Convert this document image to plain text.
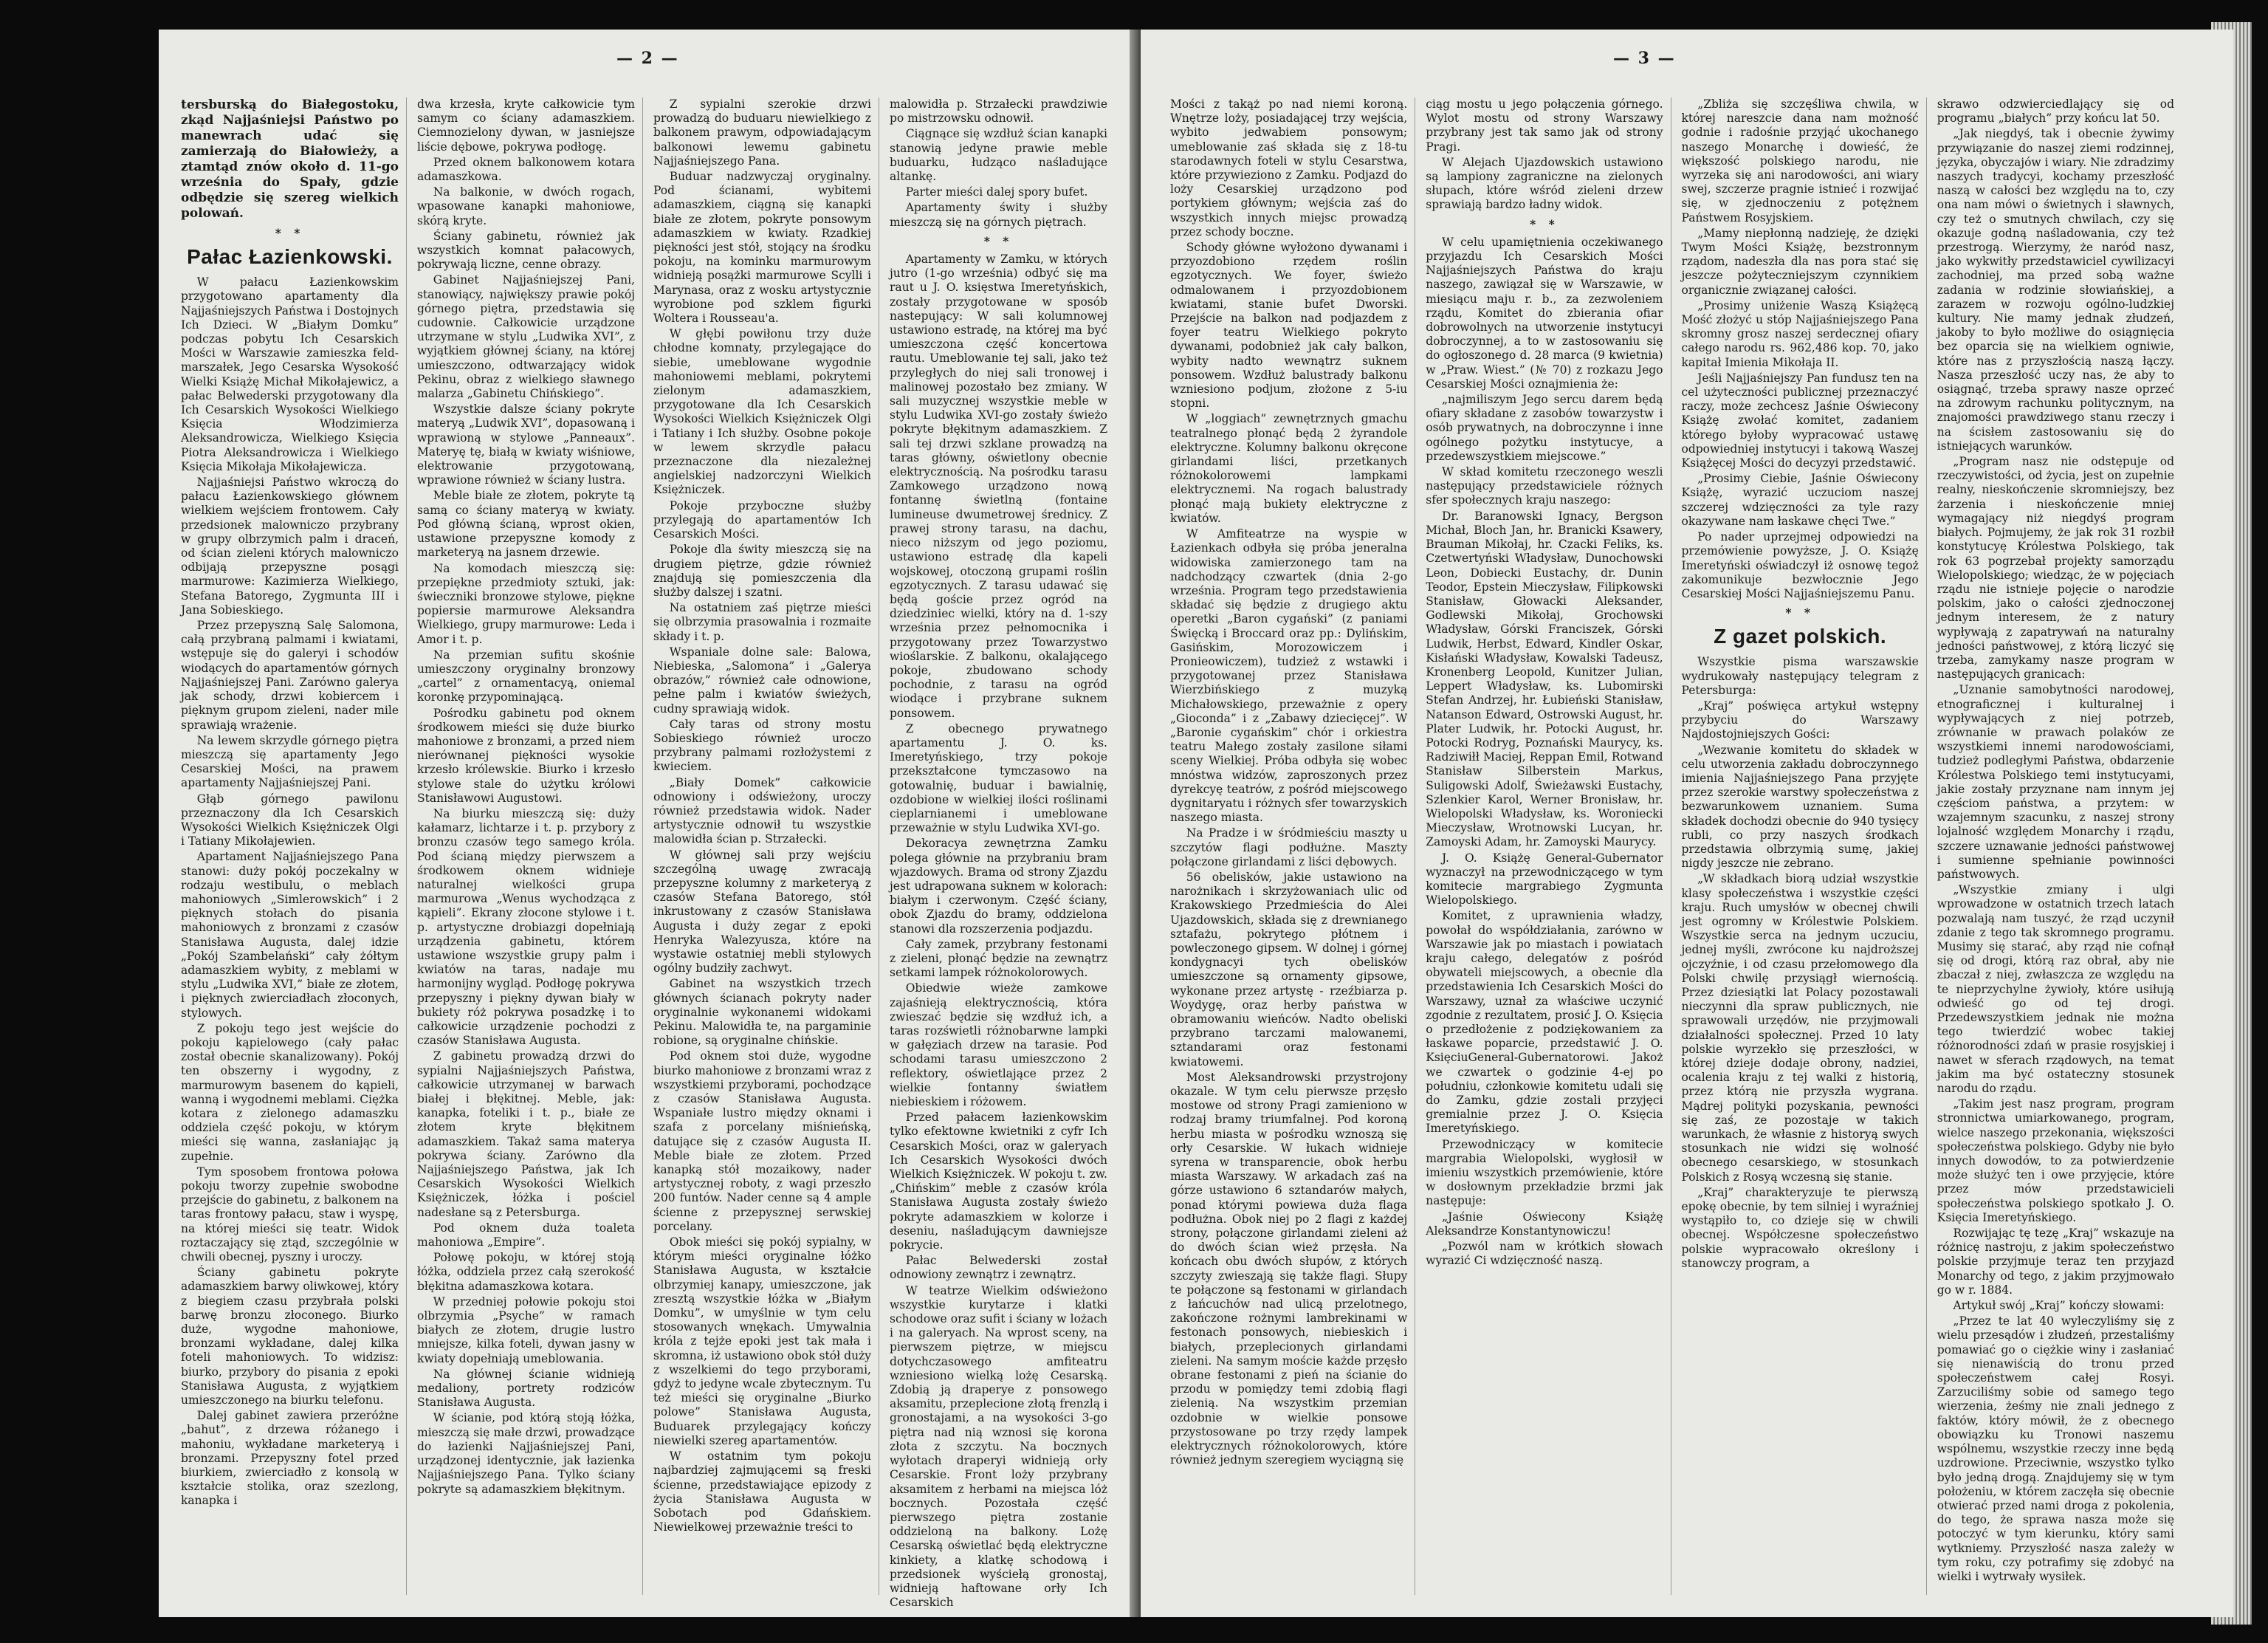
— 2 —

tersburską do Białegostoku, zkąd Najjaśniejsi Państwo po manewrach udać się zamierzają do Białowieży, a ztamtąd znów około d. 11-go września do Spały, gdzie odbędzie się szereg wielkich polowań.

* *
Pałac Łazienkowski.

W pałacu Łazienkowskim przygotowano apartamenty dla Najjaśniejszych Państwa i Dostojnych Ich Dzieci. W „Białym Domku” podczas pobytu Ich Cesarskich Mości w Warszawie zamieszka feld-marszałek, Jego Cesarska Wysokość Wielki Książę Michał Mikołajewicz, a pałac Belwederski przygotowany dla Ich Cesarskich Wysokości Wielkiego Księcia Włodzimierza Aleksandrowicza, Wielkiego Księcia Piotra Aleksandrowicza i Wielkiego Księcia Mikołaja Mikołajewicza.

Najjaśniejsi Państwo wkroczą do pałacu Łazienkowskiego głównem wielkiem wejściem frontowem. Cały przedsionek malowniczo przybrany w grupy olbrzymich palm i draceń, od ścian zieleni których malowniczo odbijają przepyszne posągi marmurowe: Kazimierza Wielkiego, Stefana Batorego, Zygmunta III i Jana Sobieskiego.

Przez przepyszną Salę Salomona, całą przybraną palmami i kwiatami, wstępuje się do galeryi i schodów wiodących do apartamentów górnych Najjaśniejszej Pani. Zarówno galerya jak schody, drzwi kobiercem i pięknym grupom zieleni, nader mile sprawiają wrażenie.

Na lewem skrzydle górnego piętra mieszczą się apartamenty Jego Cesarskiej Mości, na prawem apartamenty Najjaśniejszej Pani.

Głąb górnego pawilonu przeznaczony dla Ich Cesarskich Wysokości Wielkich Księżniczek Olgi i Tatiany Mikołajewien.

Apartament Najjaśniejszego Pana stanowi: duży pokój poczekalny w rodzaju westibulu, o meblach mahoniowych „Simlerowskich” i 2 pięknych stołach do pisania mahoniowych z bronzami z czasów Stanisława Augusta, dalej idzie „Pokój Szambelański” cały żółtym adamaszkiem wybity, z meblami w stylu „Ludwika XVI,” białe ze złotem, i pięknych zwierciadłach złoconych, stylowych.

Z pokoju tego jest wejście do pokoju kąpielowego (cały pałac został obecnie skanalizowany). Pokój ten obszerny i wygodny, z marmurowym basenem do kąpieli, wanną i wygodnemi meblami. Ciężka kotara z zielonego adamaszku oddziela część pokoju, w którym mieści się wanna, zasłaniając ją zupełnie.

Tym sposobem frontowa połowa pokoju tworzy zupełnie swobodne przejście do gabinetu, z balkonem na taras frontowy pałacu, staw i wyspę, na której mieści się teatr. Widok roztaczający się ztąd, szczególnie w chwili obecnej, pyszny i uroczy.

Ściany gabinetu pokryte adamaszkiem barwy oliwkowej, który z biegiem czasu przybrała polski barwę bronzu złoconego. Biurko duże, wygodne mahoniowe, bronzami wykładane, dalej kilka foteli mahoniowych. To widzisz: biurko, przybory do pisania z epoki Stanisława Augusta, z wyjątkiem umieszczonego na biurku telefonu.

Dalej gabinet zawiera przeróżne „bahut”, z drzewa różanego i mahoniu, wykładane marketeryą i bronzami. Przepyszny fotel przed biurkiem, zwierciadło z konsolą w kształcie stolika, oraz szezlong, kanapka i

dwa krzesła, kryte całkowicie tym samym co ściany adamaszkiem. Ciemnozielony dywan, w jasniejsze liście dębowe, pokrywa podłogę.

Przed oknem balkonowem kotara adamaszkowa.

Na balkonie, w dwóch rogach, wpasowane kanapki mahoniowe, skórą kryte.

Ściany gabinetu, również jak wszystkich komnat pałacowych, pokrywają liczne, cenne obrazy.

Gabinet Najjaśniejszej Pani, stanowiący, największy prawie pokój górnego piętra, przedstawia się cudownie. Całkowicie urządzone utrzymane w stylu „Ludwika XVI”, z wyjątkiem głównej ściany, na której umieszczono, odtwarzający widok Pekinu, obraz z wielkiego sławnego malarza „Gabinetu Chińskiego”.

Wszystkie dalsze ściany pokryte materyą „Ludwik XVI”, dopasowaną i wprawioną w stylowe „Panneaux”. Materyę tę, białą w kwiaty wiśniowe, elektrowanie przygotowaną, wprawione również w ściany lustra.

Meble białe ze złotem, pokryte tą samą co ściany materyą w kwiaty. Pod główną ścianą, wprost okien, ustawione przepyszne komody z marketeryą na jasnem drzewie.

Na komodach mieszczą się: przepiękne przedmioty sztuki, jak: świeczniki bronzowe stylowe, piękne popiersie marmurowe Aleksandra Wielkiego, grupy marmurowe: Leda i Amor i t. p.

Na przemian sufitu skośnie umieszczony oryginalny bronzowy „cartel” z ornamentacyą, oniemal koronkę przypominającą.

Pośrodku gabinetu pod oknem środkowem mieści się duże biurko mahoniowe z bronzami, a przed niem nierównanej piękności wysokie krzesło królewskie. Biurko i krzesło stylowe stale do użytku królowi Stanisławowi Augustowi.

Na biurku mieszczą się: duży kałamarz, lichtarze i t. p. przybory z bronzu czasów tego samego króla. Pod ścianą między pierwszem a środkowem oknem widnieje naturalnej wielkości grupa marmurowa „Wenus wychodząca z kąpieli”. Ekrany złocone stylowe i t. p. artystyczne drobiazgi dopełniają urządzenia gabinetu, którem ustawione wszystkie grupy palm i kwiatów na taras, nadaje mu harmonijny wygląd. Podłogę pokrywa przepyszny i piękny dywan biały w bukiety róż pokrywa posadzkę i to całkowicie urządzenie pochodzi z czasów Stanisława Augusta.

Z gabinetu prowadzą drzwi do sypialni Najjaśniejszych Państwa, całkowicie utrzymanej w barwach białej i błękitnej. Meble, jak: kanapka, foteliki i t. p., białe ze złotem kryte błękitnem adamaszkiem. Takaż sama materya pokrywa ściany. Zarówno dla Najjaśniejszego Państwa, jak Ich Cesarskich Wysokości Wielkich Księżniczek, łóżka i pościel nadesłane są z Petersburga.

Pod oknem duża toaleta mahoniowa „Empire”.

Połowę pokoju, w której stoją łóżka, oddziela przez całą szerokość błękitna adamaszkowa kotara.

W przedniej połowie pokoju stoi olbrzymia „Psyche” w ramach białych ze złotem, drugie lustro mniejsze, kilka foteli, dywan jasny w kwiaty dopełniają umeblowania.

Na głównej ścianie widnieją medaliony, portrety rodziców Stanisława Augusta.

W ścianie, pod którą stoją łóżka, mieszczą się małe drzwi, prowadzące do łazienki Najjaśniejszej Pani, urządzonej identycznie, jak łazienka Najjaśniejszego Pana. Tylko ściany pokryte są adamaszkiem błękitnym.

Z sypialni szerokie drzwi prowadzą do buduaru niewielkiego z balkonem prawym, odpowiadającym balkonowi lewemu gabinetu Najjaśniejszego Pana.

Buduar nadzwyczaj oryginalny. Pod ścianami, wybitemi adamaszkiem, ciągną się kanapki białe ze złotem, pokryte ponsowym adamaszkiem w kwiaty. Rzadkiej piękności jest stół, stojący na środku pokoju, na kominku marmurowym widnieją posążki marmurowe Scylli i Marynasa, oraz z wosku artystycznie wyrobione pod szklem figurki Woltera i Rousseau'a.

W głębi powiłonu trzy duże chłodne komnaty, przylegające do siebie, umeblowane wygodnie mahoniowemi meblami, pokrytemi zielonym adamaszkiem, przygotowane dla Ich Cesarskich Wysokości Wielkich Księżniczek Olgi i Tatiany i Ich służby. Osobne pokoje w lewem skrzydle pałacu przeznaczone dla niezależnej angielskiej nadzorczyni Wielkich Księżniczek.

Pokoje przyboczne służby przylegają do apartamentów Ich Cesarskich Mości.

Pokoje dla świty mieszczą się na drugiem piętrze, gdzie również znajdują się pomieszczenia dla służby dalszej i szatni.

Na ostatniem zaś piętrze mieści się olbrzymia prasowalnia i rozmaite składy i t. p.

Wspaniale dolne sale: Balowa, Niebieska, „Salomona” i „Galerya obrazów,” również całe odnowione, pełne palm i kwiatów świeżych, cudny sprawiają widok.

Cały taras od strony mostu Sobieskiego również uroczo przybrany palmami rozłożystemi z kwieciem.

„Biały Domek” całkowicie odnowiony i odświeżony, uroczy również przedstawia widok. Nader artystycznie odnowił tu wszystkie malowidła ścian p. Strzałecki.

W głównej sali przy wejściu szczególną uwagę zwracają przepyszne kolumny z marketeryą z czasów Stefana Batorego, stół inkrustowany z czasów Stanisława Augusta i duży zegar z epoki Henryka Walezyusza, które na wystawie ostatniej mebli stylowych ogólny budziły zachwyt.

Gabinet na wszystkich trzech głównych ścianach pokryty nader oryginalnie wykonanemi widokami Pekinu. Malowidła te, na pargaminie robione, są oryginalne chińskie.

Pod oknem stoi duże, wygodne biurko mahoniowe z bronzami wraz z wszystkiemi przyborami, pochodzące z czasów Stanisława Augusta. Wspaniałe lustro między oknami i szafa z porcelany miśnieńską, datujące się z czasów Augusta II. Meble białe ze złotem. Przed kanapką stół mozaikowy, nader artystycznej roboty, z wagi przeszło 200 funtów. Nader cenne są 4 ample ścienne z przepysznej serwskiej porcelany.

Obok mieści się pokój sypialny, w którym mieści oryginalne łóżko Stanisława Augusta, w kształcie olbrzymiej kanapy, umieszczone, jak zresztą wszystkie łóżka w „Białym Domku”, w umyślnie w tym celu stosowanych wnękach. Umywalnia króla z tejże epoki jest tak mała i skromna, iż ustawiono obok stół duży z wszelkiemi do tego przyborami, gdyż to jedyne wcale zbytecznym. Tu też mieści się oryginalne „Biurko polowe” Stanisława Augusta, Buduarek przylegający kończy niewielki szereg apartamentów.

W ostatnim tym pokoju najbardziej zajmującemi są freski ścienne, przedstawiające epizody z życia Stanisława Augusta w Sobotach pod Gdańskiem. Niewielkowej przeważnie treści to

malowidła p. Strzałecki prawdziwie po mistrzowsku odnowił.

Ciągnące się wzdłuż ścian kanapki stanowią jedyne prawie meble buduarku, łudząco naśladujące altankę.

Parter mieści dalej spory bufet.

Apartamenty świty i służby mieszczą się na górnych piętrach.

* *

Apartamenty w Zamku, w których jutro (1-go września) odbyć się ma raut u J. O. księstwa Imeretyńskich, zostały przygotowane w sposób nastepujący: W sali kolumnowej ustawiono estradę, na której ma być umieszczona część koncertowa rautu. Umeblowanie tej sali, jako też przyległych do niej sali tronowej i malinowej pozostało bez zmiany. W sali muzycznej wszystkie meble w stylu Ludwika XVI-go zostały świeżo pokryte błękitnym adamaszkiem. Z sali tej drzwi szklane prowadzą na taras główny, oświetlony obecnie elektrycznością. Na pośrodku tarasu Zamkowego urządzono nową fontannę świetlną (fontaine lumineuse dwumetrowej średnicy. Z prawej strony tarasu, na dachu, nieco niższym od jego poziomu, ustawiono estradę dla kapeli wojskowej, otoczoną grupami roślin egzotycznych. Z tarasu udawać się będą goście przez ogród na dziedziniec wielki, który na d. 1-szy września przez pełnomocnika i przygotowany przez Towarzystwo wioślarskie. Z balkonu, okalającego pokoje, zbudowano schody pochodnie, z tarasu na ogród wiodące i przybrane suknem ponsowem.

Z obecnego prywatnego apartamentu J. O. ks. Imeretyńskiego, trzy pokoje przekształcone tymczasowo na gotowalnię, buduar i bawialnię, ozdobione w wielkiej ilości roślinami cieplarnianemi i umeblowane przeważnie w stylu Ludwika XVI-go.

Dekoracya zewnętrzna Zamku polega głównie na przybraniu bram wjazdowych. Brama od strony Zjazdu jest udrapowana suknem w kolorach: białym i czerwonym. Część ściany, obok Zjazdu do bramy, oddzielona stanowi dla rozszerzenia podjazdu.

Cały zamek, przybrany festonami z zieleni, płonąć będzie na zewnątrz setkami lampek różnokolorowych.

Obiedwie wieże zamkowe zajaśnieją elektrycznością, która zwieszać będzie się wzdłuż ich, a taras rozświetli różnobarwne lampki w gałęziach drzew na tarasie. Pod schodami tarasu umieszczono 2 reflektory, oświetlające przez 2 wielkie fontanny światłem niebieskiem i różowem.

Przed pałacem łazienkowskim tylko efektowne kwietniki z cyfr Ich Cesarskich Mości, oraz w galeryach Ich Cesarskich Wysokości dwóch Wielkich Księżniczek. W pokoju t. zw. „Chińskim” meble z czasów króla Stanisława Augusta zostały świeżo pokryte adamaszkiem w kolorze i deseniu, naśladującym dawniejsze pokrycie.

Pałac Belwederski został odnowiony zewnątrz i zewnątrz.

W teatrze Wielkim odświeżono wszystkie kurytarze i klatki schodowe oraz sufit i ściany w lożach i na galeryach. Na wprost sceny, na pierwszem piętrze, w miejscu dotychczasowego amfiteatru wzniesiono wielką lożę Cesarską. Zdobią ją draperye z ponsowego aksamitu, przeplecione złotą frenzlą i gronostajami, a na wysokości 3-go piętra nad nią wznosi się korona złota z szczytu. Na bocznych wyłotach draperyi widnieją orły Cesarskie. Front loży przybrany aksamitem z herbami na miejsca lóż bocznych. Pozostała część pierwszego piętra zostanie oddzieloną na balkony. Lożę Cesarską oświetlać będą elektryczne kinkiety, a klatkę schodową i przedsionek wyściełą gronostaj, widnieją haftowane orły Ich Cesarskich

— 3 —

Mości z takąż po nad niemi koroną. Wnętrze loży, posiadającej trzy wejścia, wybito jedwabiem ponsowym; umeblowanie zaś składa się z 18-tu starodawnych foteli w stylu Cesarstwa, które przywieziono z Zamku. Podjazd do loży Cesarskiej urządzono pod portykiem głównym; wejścia zaś do wszystkich innych miejsc prowadzą przez schody boczne.

Schody główne wyłożono dywanami i przyozdobiono rzędem roślin egzotycznych. We foyer, świeżo odmalowanem i przyozdobionem kwiatami, stanie bufet Dworski. Przejście na balkon nad podjazdem z foyer teatru Wielkiego pokryto dywanami, podobnież jak cały balkon, wybity nadto wewnątrz suknem ponsowem. Wzdłuż balustrady balkonu wzniesiono podjum, złożone z 5-iu stopni.

W „loggiach” zewnętrznych gmachu teatralnego płonąć będą 2 żyrandole elektryczne. Kolumny balkonu okręcone girlandami liści, przetkanych różnokolorowemi lampkami elektrycznemi. Na rogach balustrady płonąć mają bukiety elektryczne z kwiatów.

W Amfiteatrze na wyspie w Łazienkach odbyła się próba jeneralna widowiska zamierzonego tam na nadchodzący czwartek (dnia 2-go września. Program tego przedstawienia składać się będzie z drugiego aktu operetki „Baron cygański” (z paniami Święcką i Broccard oraz pp.: Dylińskim, Gasińskim, Morozowiczem i Pronieowiczem), tudzież z wstawki i przygotowanej przez Stanisława Wierzbińskiego z muzyką Michałowskiego, przeważnie z opery „Gioconda” i z „Zabawy dziecięcej”. W „Baronie cygańskim” chór i orkiestra teatru Małego zostały zasilone siłami sceny Wielkiej. Próba odbyła się wobec mnóstwa widzów, zaproszonych przez dyrekcyę teatrów, z pośród miejscowego dygnitaryatu i różnych sfer towarzyskich naszego miasta.

Na Pradze i w śródmieściu maszty u szczytów flagi podłużne. Maszty połączone girlandami z liści dębowych.

56 obelisków, jakie ustawiono na narożnikach i skrzyżowaniach ulic od Krakowskiego Przedmieścia do Alei Ujazdowskich, składa się z drewnianego sztafażu, pokrytego płótnem i powleczonego gipsem. W dolnej i górnej kondygnacyi tych obelisków umieszczone są ornamenty gipsowe, wykonane przez artystę - rzeźbiarza p. Woydygę, oraz herby państwa w obramowaniu wieńców. Nadto obeliski przybrano tarczami malowanemi, sztandarami oraz festonami kwiatowemi.

Most Aleksandrowski przystrojony okazale. W tym celu pierwsze przęsło mostowe od strony Pragi zamieniono w rodzaj bramy triumfalnej. Pod koroną herbu miasta w pośrodku wznoszą się orły Cesarskie. W łukach widnieje syrena w transparencie, obok herbu miasta Warszawy. W arkadach zaś na górze ustawiono 6 sztandarów małych, ponad którymi powiewa duża flaga podłużna. Obok niej po 2 flagi z każdej strony, połączone girlandami zieleni aż do dwóch ścian wież przęsła. Na końcach obu dwóch słupów, z których szczyty zwieszają się także flagi. Słupy te połączone są festonami w girlandach z łańcuchów nad ulicą przelotnego, zakończone rożnymi lambrekinami w festonach ponsowych, niebieskich i białych, przeplecionych girlandami zieleni. Na samym moście każde przęsło obrane festonami z pień na ścianie do przodu w pomiędzy temi zdobią flagi zielenią. Na wszystkim przemian ozdobnie w wielkie ponsowe przystosowane po trzy rzędy lampek elektrycznych różnokolorowych, które również jednym szeregiem wyciągną się

ciąg mostu u jego połączenia górnego. Wylot mostu od strony Warszawy przybrany jest tak samo jak od strony Pragi.

W Alejach Ujazdowskich ustawiono są lampiony zagraniczne na zielonych słupach, które wśród zieleni drzew sprawiają bardzo ładny widok.

* *

W celu upamiętnienia oczekiwanego przyjazdu Ich Cesarskich Mości Najjaśniejszych Państwa do kraju naszego, zawiązał się w Warszawie, w miesiącu maju r. b., za zezwoleniem rządu, Komitet do zbierania ofiar dobrowolnych na utworzenie instytucyi dobroczynnej, a to w zastosowaniu się do ogłoszonego d. 28 marca (9 kwietnia) w „Praw. Wiest.” (№ 70) z rozkazu Jego Cesarskiej Mości oznajmienia że:

„najmiliszym Jego sercu darem będą ofiary składane z zasobów towarzystw i osób prywatnych, na dobroczynne i inne ogólnego pożytku instytucye, a przedewszystkiem miejscowe.”

W skład komitetu rzeczonego weszli następujący przedstawiciele różnych sfer społecznych kraju naszego:

Dr. Baranowski Ignacy, Bergson Michał, Bloch Jan, hr. Branicki Ksawery, Brauman Mikołaj, hr. Czacki Feliks, ks. Czetwertyński Władysław, Dunochowski Leon, Dobiecki Eustachy, dr. Dunin Teodor, Epstein Mieczysław, Filipkowski Stanisław, Głowacki Aleksander, Godlewski Mikołaj, Grochowski Władysław, Górski Franciszek, Górski Ludwik, Herbst, Edward, Kindler Oskar, Kisłański Władysław, Kowalski Tadeusz, Kronenberg Leopold, Kunitzer Julian, Leppert Władysław, ks. Lubomirski Stefan Andrzej, hr. Łubieński Stanisław, Natanson Edward, Ostrowski August, hr. Plater Ludwik, hr. Potocki August, hr. Potocki Rodryg, Poznański Maurycy, ks. Radziwiłł Maciej, Reppan Emil, Rotwand Stanisław Silberstein Markus, Suligowski Adolf, Świeżawski Eustachy, Szlenkier Karol, Werner Bronisław, hr. Wielopolski Władysław, ks. Woroniecki Mieczysław, Wrotnowski Lucyan, hr. Zamoyski Adam, hr. Zamoyski Maurycy.

J. O. Książę General-Gubernator wyznaczył na przewodniczącego w tym komitecie margrabiego Zygmunta Wielopolskiego.

Komitet, z uprawnienia władzy, powołał do współdziałania, zarówno w Warszawie jak po miastach i powiatach kraju całego, delegatów z pośród obywateli miejscowych, a obecnie dla przedstawienia Ich Cesarskich Mości do Warszawy, uznał za właściwe uczynić zgodnie z rezultatem, prosić J. O. Księcia o przedłożenie z podziękowaniem za łaskawe poparcie, przedstawić J. O. KsięciuGeneral-Gubernatorowi. Jakoż we czwartek o godzinie 4-ej po południu, członkowie komitetu udali się do Zamku, gdzie zostali przyjęci gremialnie przez J. O. Księcia Imeretyńskiego.

Przewodniczący w komitecie margrabia Wielopolski, wygłosił w imieniu wszystkich przemówienie, które w dosłownym przekładzie brzmi jak następuje:

„Jaśnie Oświecony Książę Aleksandrze Konstantynowiczu!

„Pozwól nam w krótkich słowach wyrazić Ci wdzięczność naszą.

„Zbliża się szczęśliwa chwila, w której nareszcie dana nam możność godnie i radośnie przyjąć ukochanego naszego Monarchę i dowieść, że większość polskiego narodu, nie wyrzeka się ani narodowości, ani wiary swej, szczerze pragnie istnieć i rozwijać się, w zjednoczeniu z potężnem Państwem Rosyjskiem.

„Mamy niepłonną nadzieję, że dzięki Twym Mości Książę, bezstronnym rządom, nadeszła dla nas pora stać się jeszcze pożyteczniejszym czynnikiem organicznie związanej całości.

„Prosimy uniżenie Waszą Książęcą Mość złożyć u stóp Najjaśniejszego Pana skromny grosz naszej serdecznej ofiary całego narodu rs. 962,486 kop. 70, jako kapitał Imienia Mikołaja II.

Jeśli Najjaśniejszy Pan fundusz ten na cel użyteczności publicznej przeznaczyć raczy, może zechcesz Jaśnie Oświecony Książę zwołać komitet, zadaniem którego byłoby wypracować ustawę odpowiedniej instytucyi i takową Waszej Książęcej Mości do decyzyi przedstawić.

„Prosimy Ciebie, Jaśnie Oświecony Książę, wyrazić uczuciom naszej szczerej wdzięczności za tyle razy okazywane nam łaskawe chęci Twe.”

Po nader uprzejmej odpowiedzi na przemówienie powyższe, J. O. Książę Imeretyński oświadczył iż osnowę tegoż zakomunikuje bezwłocznie Jego Cesarskiej Mości Najjaśniejszemu Panu.

* *
Z gazet polskich.

Wszystkie pisma warszawskie wydrukowały następujący telegram z Petersburga:

„Kraj” poświęca artykuł wstępny przybyciu do Warszawy Najdostojniejszych Gości:

„Wezwanie komitetu do składek w celu utworzenia zakładu dobroczynnego imienia Najjaśniejszego Pana przyjęte przez szerokie warstwy społeczeństwa z bezwarunkowem uznaniem. Suma składek dochodzi obecnie do 940 tysięcy rubli, co przy naszych środkach przedstawia olbrzymią sumę, jakiej nigdy jeszcze nie zebrano.

„W składkach biorą udział wszystkie klasy społeczeństwa i wszystkie części kraju. Ruch umysłów w obecnej chwili jest ogromny w Królestwie Polskiem. Wszystkie serca na jednym uczuciu, jednej myśli, zwrócone ku najdroższej ojczyźnie, i od czasu przełomowego dla Polski chwilę przysiągł wiernością. Przez dziesiątki lat Polacy pozostawali nieczynni dla spraw publicznych, nie sprawowali urzędów, nie przyjmowali działalności społecznej. Przed 10 laty polskie wyrzekło się przeszłości, w której dzieje dodaje obrony, nadziei, ocalenia kraju z tej walki z historią, przez którą nie przyszła wygrana. Mądrej polityki pozyskania, pewności się zaś, ze pozostaje w takich warunkach, że własnie z historyą swych stosunkach nie widzi się wolność obecnego cesarskiego, w stosunkach Polskich z Rosyą wczesną się stanie.

„Kraj” charakteryzuje te pierwszą epokę obecnie, by tem silniej i wyraźniej wystąpiło to, co dzieje się w chwili obecnej. Współczesne społeczeństwo polskie wypracowało określony i stanowczy program, a

skrawo odzwierciedlający się od programu „białych” przy końcu lat 50.

„Jak niegdyś, tak i obecnie żywimy przywiązanie do naszej ziemi rodzinnej, języka, obyczajów i wiary. Nie zdradzimy naszych tradycyi, kochamy przeszłość naszą w całości bez względu na to, czy ona nam mówi o świetnych i sławnych, czy też o smutnych chwilach, czy się okazuje godną naśladowania, czy też przestrogą. Wierzymy, że naród nasz, jako wykwitły przedstawiciel cywilizacyi zachodniej, ma przed sobą ważne zadania w rodzinie słowiańskiej, a zarazem w rozwoju ogólno-ludzkiej kultury. Nie mamy jednak złudzeń, jakoby to było możliwe do osiągnięcia bez oparcia się na wielkiem ogniwie, które nas z przyszłością naszą łączy. Nasza przeszłość uczy nas, że aby to osiągnąć, trzeba sprawy nasze oprzeć na zdrowym rachunku politycznym, na znajomości prawdziwego stanu rzeczy i na ścisłem zastosowaniu się do istniejących warunków.

„Program nasz nie odstępuje od rzeczywistości, od życia, jest on zupełnie realny, nieskończenie skromniejszy, bez żarzenia i nieskończenie mniej wymagający niż niegdyś program białych. Pojmujemy, że jak rok 31 rozbił konstytucyę Królestwa Polskiego, tak rok 63 pogrzebał projekty samorządu Wielopolskiego; wiedząc, że w pojęciach rządu nie istnieje pojęcie o narodzie polskim, jako o całości zjednoczonej jednym interesem, że z natury wypływają z zapatrywań na naturalny jedności państwowej, z którą liczyć się trzeba, zamykamy nasze program w następujących granicach:

„Uznanie samobytności narodowej, etnograficznej i kulturalnej i wypływających z niej potrzeb, zrównanie w prawach polaków ze wszystkiemi innemi narodowościami, tudzież podległymi Państwa, obdarzenie Królestwa Polskiego temi instytucyami, jakie zostały przyznane nam innym jej częściom państwa, a przytem: w wzajemnym szacunku, z naszej strony lojalność względem Monarchy i rządu, szczere uznawanie jedności państwowej i sumienne spełnianie powinności państwowych.

„Wszystkie zmiany i ulgi wprowadzone w ostatnich trzech latach pozwalają nam tuszyć, że rząd uczynił zdanie z tego tak skromnego programu. Musimy się starać, aby rząd nie cofnął się od drogi, którą raz obrał, aby nie zbaczał z niej, zwłaszcza ze względu na te nieprzychylne żywioły, które usiłują odwieść go od tej drogi. Przedewszystkiem jednak nie można tego twierdzić wobec takiej różnorodności zdań w prasie rosyjskiej i nawet w sferach rządowych, na temat jakim ma być ostateczny stosunek narodu do rządu.

„Takim jest nasz program, program stronnictwa umiarkowanego, program, wielce naszego przekonania, większości społeczeństwa polskiego. Gdyby nie było innych dowodów, to za potwierdzenie może służyć ten i owe przyjęcie, które przez mów przedstawicieli społeczeństwa polskiego spotkało J. O. Księcia Imeretyńskiego.

Rozwijając tę tezę „Kraj” wskazuje na różnicę nastroju, z jakim społeczeństwo polskie przyjmuje teraz ten przyjazd Monarchy od tego, z jakim przyjmowało go w r. 1884.

Artykuł swój „Kraj” kończy słowami:

„Przez te lat 40 wyleczyliśmy się z wielu przesądów i złudzeń, przestaliśmy pomawiać go o ciężkie winy i zasłaniać się nienawiścią do tronu przed społeczeństwem całej Rosyi. Zarzuciliśmy sobie od samego tego wierzenia, żeśmy nie znali jednego z faktów, który mówił, że z obecnego obowiązku ku Tronowi naszemu wspólnemu, wszystkie rzeczy inne będą uzdrowione. Przeciwnie, wszystko tylko było jedną drogą. Znajdujemy się w tym położeniu, w którem zaczęła się obecnie otwierać przed nami droga z pokolenia, do tego, że sprawa nasza może się potoczyć w tym kierunku, który sami wytkniemy. Przyszłość nasza zależy w tym roku, czy potrafimy się zdobyć na wielki i wytrwały wysiłek.
